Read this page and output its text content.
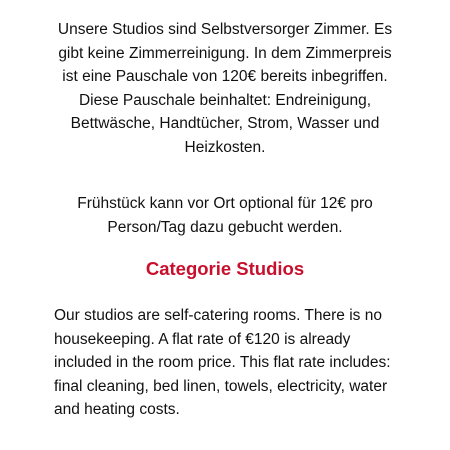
Unsere Studios sind Selbstversorger Zimmer. Es
gibt keine Zimmerreinigung. In dem Zimmerpreis
ist eine Pauschale von 120€ bereits inbegriffen.
Diese Pauschale beinhaltet: Endreinigung,
Bettwäsche, Handtücher, Strom, Wasser und
Heizkosten.
Frühstück kann vor Ort optional für 12€ pro
Person/Tag dazu gebucht werden.
Categorie Studios
Our studios are self-catering rooms. There is no
housekeeping. A flat rate of €120 is already
included in the room price. This flat rate includes:
final cleaning, bed linen, towels, electricity, water
and heating costs.
